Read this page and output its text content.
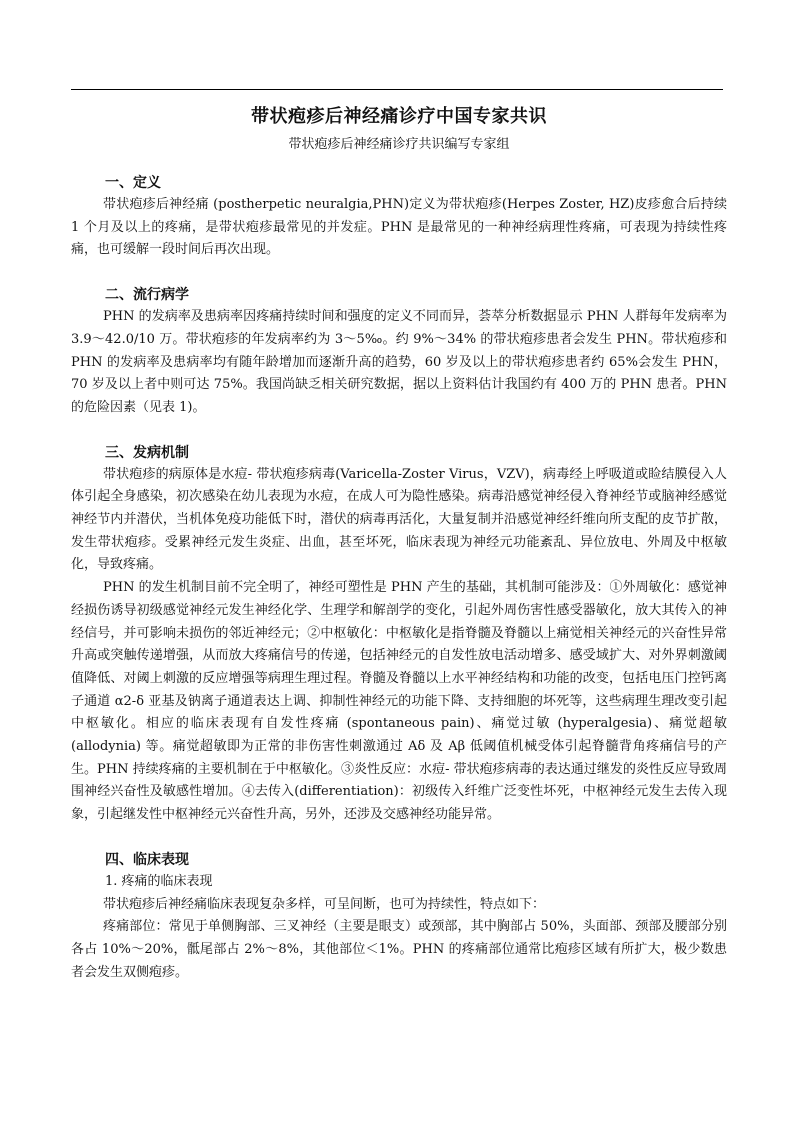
带状疱疹后神经痛诊疗中国专家共识

带状疱疹后神经痛诊疗共识编写专家组

一、定义

带状疱疹后神经痛 (postherpetic neuralgia,PHN)定义为带状疱疹(Herpes Zoster, HZ)皮疹愈合后持续 1 个月及以上的疼痛，是带状疱疹最常见的并发症。PHN 是最常见的一种神经病理性疼痛，可表现为持续性疼痛，也可缓解一段时间后再次出现。

二、流行病学

PHN 的发病率及患病率因疼痛持续时间和强度的定义不同而异，荟萃分析数据显示 PHN 人群每年发病率为 3.9～42.0/10 万。带状疱疹的年发病率约为 3～5‰。约 9%～34% 的带状疱疹患者会发生 PHN。带状疱疹和 PHN 的发病率及患病率均有随年龄增加而逐渐升高的趋势，60 岁及以上的带状疱疹患者约 65%会发生 PHN，70 岁及以上者中则可达 75%。我国尚缺乏相关研究数据，据以上资料估计我国约有 400 万的 PHN 患者。PHN 的危险因素（见表 1)。

三、发病机制

带状疱疹的病原体是水痘- 带状疱疹病毒(Varicella-Zoster Virus，VZV)，病毒经上呼吸道或睑结膜侵入人体引起全身感染，初次感染在幼儿表现为水痘，在成人可为隐性感染。病毒沿感觉神经侵入脊神经节或脑神经感觉神经节内并潜伏，当机体免疫功能低下时，潜伏的病毒再活化，大量复制并沿感觉神经纤维向所支配的皮节扩散，发生带状疱疹。受累神经元发生炎症、出血，甚至坏死，临床表现为神经元功能紊乱、异位放电、外周及中枢敏化，导致疼痛。

PHN 的发生机制目前不完全明了，神经可塑性是 PHN 产生的基础，其机制可能涉及：①外周敏化：感觉神经损伤诱导初级感觉神经元发生神经化学、生理学和解剖学的变化，引起外周伤害性感受器敏化，放大其传入的神经信号，并可影响未损伤的邻近神经元；②中枢敏化：中枢敏化是指脊髓及脊髓以上痛觉相关神经元的兴奋性异常升高或突触传递增强，从而放大疼痛信号的传递，包括神经元的自发性放电活动增多、感受域扩大、对外界刺激阈值降低、对阈上刺激的反应增强等病理生理过程。脊髓及脊髓以上水平神经结构和功能的改变，包括电压门控钙离子通道 α2-δ 亚基及钠离子通道表达上调、抑制性神经元的功能下降、支持细胞的坏死等，这些病理生理改变引起中枢敏化。相应的临床表现有自发性疼痛 (spontaneous pain)、痛觉过敏 (hyperalgesia)、痛觉超敏 (allodynia) 等。痛觉超敏即为正常的非伤害性刺激通过 Aδ 及 Aβ 低阈值机械受体引起脊髓背角疼痛信号的产生。PHN 持续疼痛的主要机制在于中枢敏化。③炎性反应：水痘- 带状疱疹病毒的表达通过继发的炎性反应导致周围神经兴奋性及敏感性增加。④去传入(differentiation)：初级传入纤维广泛变性坏死，中枢神经元发生去传入现象，引起继发性中枢神经元兴奋性升高，另外，还涉及交感神经功能异常。

四、临床表现

1. 疼痛的临床表现

带状疱疹后神经痛临床表现复杂多样，可呈间断，也可为持续性，特点如下：

疼痛部位：常见于单侧胸部、三叉神经（主要是眼支）或颈部，其中胸部占 50%，头面部、颈部及腰部分别各占 10%～20%，骶尾部占 2%～8%，其他部位＜1%。PHN 的疼痛部位通常比疱疹区域有所扩大，极少数患者会发生双侧疱疹。
